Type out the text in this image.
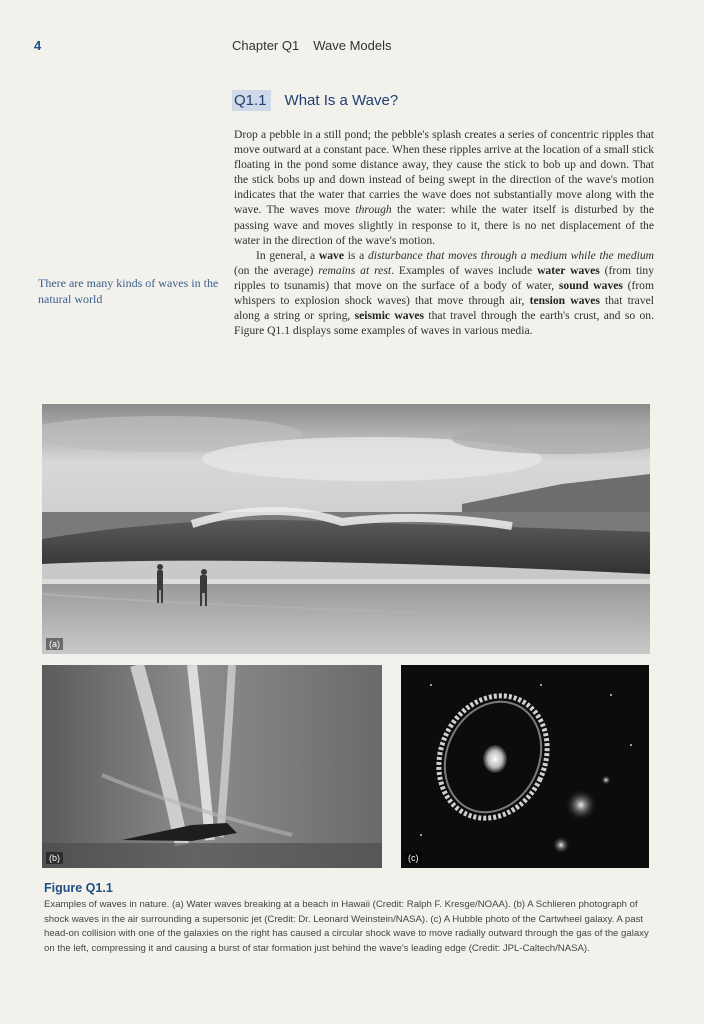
4	Chapter Q1 Wave Models
Q1.1 What Is a Wave?
There are many kinds of waves in the natural world

Drop a pebble in a still pond; the pebble's splash creates a series of concentric ripples that move outward at a constant pace. When these ripples arrive at the location of a small stick floating in the pond some distance away, they cause the stick to bob up and down. That the stick bobs up and down instead of being swept in the direction of the wave's motion indicates that the water that carries the wave does not substantially move along with the wave. The waves move through the water: while the water itself is disturbed by the passing wave and moves slightly in response to it, there is no net displacement of the water in the direction of the wave's motion.

In general, a wave is a disturbance that moves through a medium while the medium (on the average) remains at rest. Examples of waves include water waves (from tiny ripples to tsunamis) that move on the surface of a body of water, sound waves (from whispers to explosion shock waves) that move through air, tension waves that travel along a string or spring, seismic waves that travel through the earth's crust, and so on. Figure Q1.1 displays some examples of waves in various media.

(a)
(b)	(c)
Figure Q1.1
Examples of waves in nature. (a) Water waves breaking at a beach in Hawaii (Credit: Ralph F. Kresge/NOAA). (b) A Schlieren photograph of shock waves in the air surrounding a supersonic jet (Credit: Dr. Leonard Weinstein/NASA). (c) A Hubble photo of the Cartwheel galaxy. A past head-on collision with one of the galaxies on the right has caused a circular shock wave to move radially outward through the gas of the galaxy on the left, compressing it and causing a burst of star formation just behind the wave's leading edge (Credit: JPL-Caltech/NASA).
